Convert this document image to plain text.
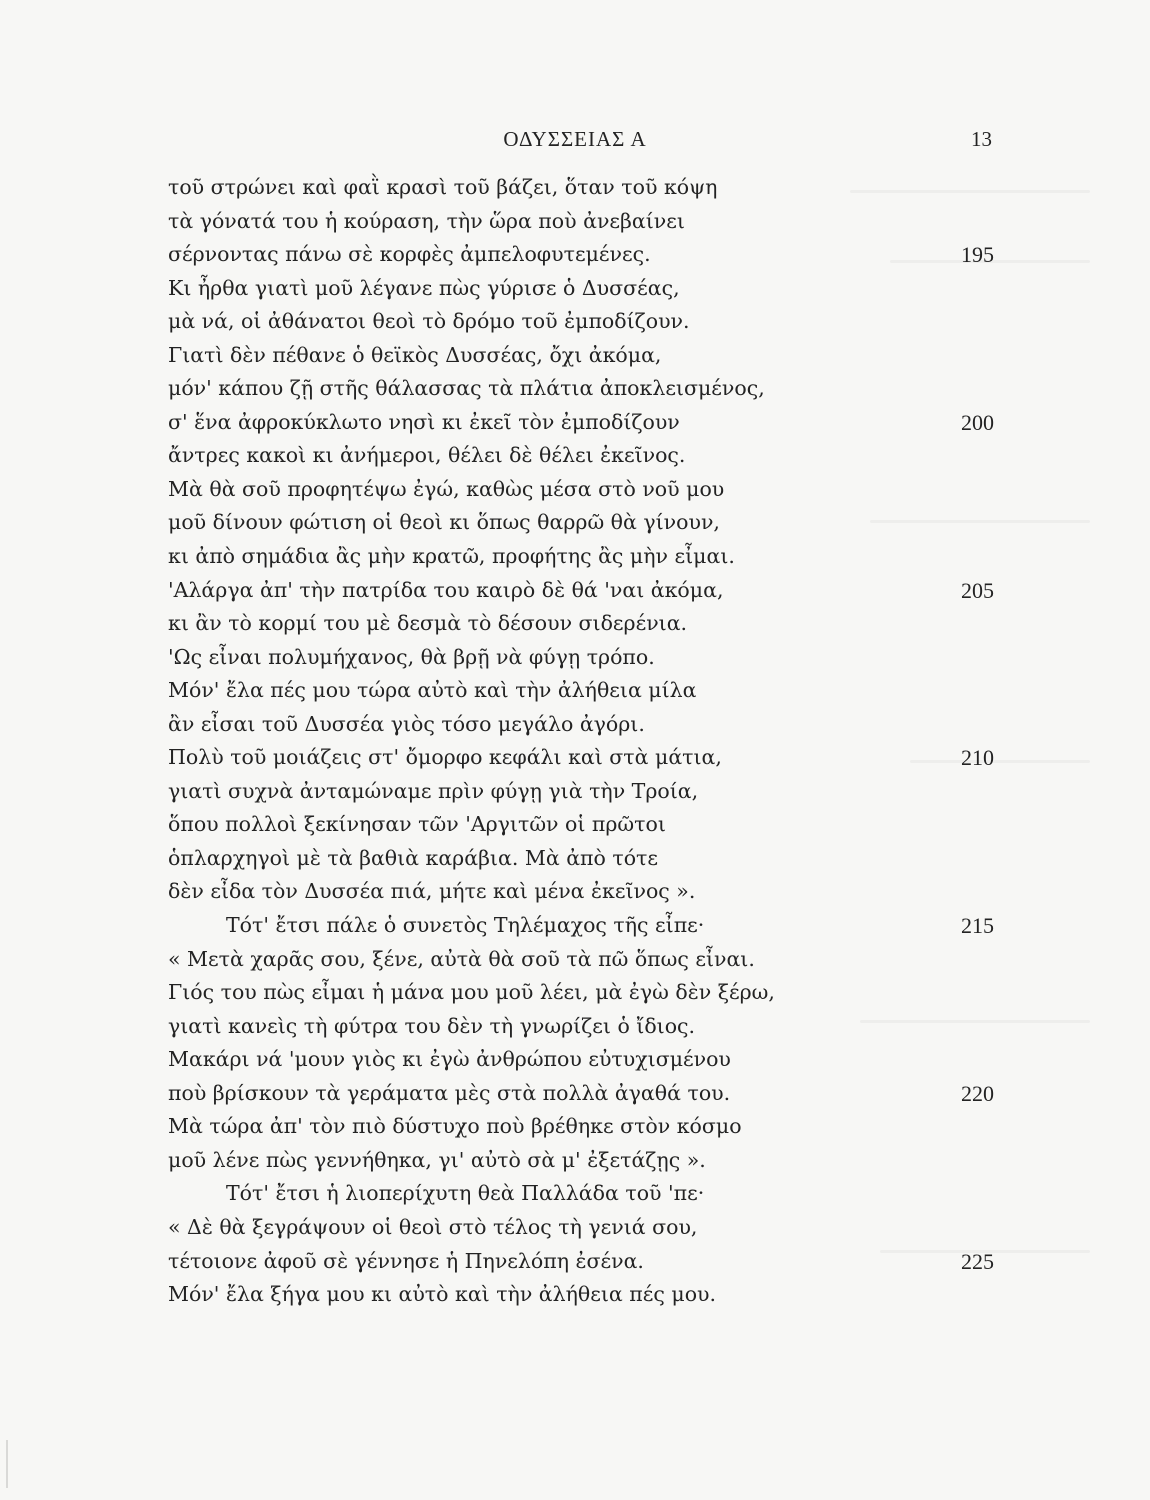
ΟΔΥΣΣΕΙΑΣ Α	13
τοῦ στρώνει καὶ φαῒ κρασὶ τοῦ βάζει, ὅταν τοῦ κόψη
τὰ γόνατά του ἡ κούραση, τὴν ὥρα ποὺ ἀνεβαίνει
σέρνοντας πάνω σὲ κορφὲς ἀμπελοφυτεμένες.	195
Κι ἦρθα γιατὶ μοῦ λέγανε πὼς γύρισε ὁ Δυσσέας,
μὰ νά, οἱ ἀθάνατοι θεοὶ τὸ δρόμο τοῦ ἐμποδίζουν.
Γιατὶ δὲν πέθανε ὁ θεϊκὸς Δυσσέας, ὄχι ἀκόμα,
μόν' κάπου ζῇ στῆς θάλασσας τὰ πλάτια ἀποκλεισμένος,
σ' ἕνα ἀφροκύκλωτο νησὶ κι ἐκεῖ τὸν ἐμποδίζουν	200
ἄντρες κακοὶ κι ἀνήμεροι, θέλει δὲ θέλει ἐκεῖνος.
Μὰ θὰ σοῦ προφητέψω ἐγώ, καθὼς μέσα στὸ νοῦ μου
μοῦ δίνουν φώτιση οἱ θεοὶ κι ὅπως θαρρῶ θὰ γίνουν,
κι ἀπὸ σημάδια ἂς μὴν κρατῶ, προφήτης ἂς μὴν εἶμαι.
'Αλάργα ἀπ' τὴν πατρίδα του καιρὸ δὲ θά 'ναι ἀκόμα,	205
κι ἂν τὸ κορμί του μὲ δεσμὰ τὸ δέσουν σιδερένια.
'Ως εἶναι πολυμήχανος, θὰ βρῇ νὰ φύγῃ τρόπο.
Μόν' ἔλα πές μου τώρα αὐτὸ καὶ τὴν ἀλήθεια μίλα
ἂν εἶσαι τοῦ Δυσσέα γιὸς τόσο μεγάλο ἀγόρι.
Πολὺ τοῦ μοιάζεις στ' ὄμορφο κεφάλι καὶ στὰ μάτια,	210
γιατὶ συχνὰ ἀνταμώναμε πρὶν φύγῃ γιὰ τὴν Τροία,
ὅπου πολλοὶ ξεκίνησαν τῶν 'Αργιτῶν οἱ πρῶτοι
ὁπλαρχηγοὶ μὲ τὰ βαθιὰ καράβια. Μὰ ἀπὸ τότε
δὲν εἶδα τὸν Δυσσέα πιά, μήτε καὶ μένα ἐκεῖνος ».
Τότ' ἔτσι πάλε ὁ συνετὸς Τηλέμαχος τῆς εἶπε·	215
« Μετὰ χαρᾶς σου, ξένε, αὐτὰ θὰ σοῦ τὰ πῶ ὅπως εἶναι.
Γιός του πὼς εἶμαι ἡ μάνα μου μοῦ λέει, μὰ ἐγὼ δὲν ξέρω,
γιατὶ κανεὶς τὴ φύτρα του δὲν τὴ γνωρίζει ὁ ἴδιος.
Μακάρι νά 'μουν γιὸς κι ἐγὼ ἀνθρώπου εὐτυχισμένου
ποὺ βρίσκουν τὰ γεράματα μὲς στὰ πολλὰ ἀγαθά του.	220
Μὰ τώρα ἀπ' τὸν πιὸ δύστυχο ποὺ βρέθηκε στὸν κόσμο
μοῦ λένε πὼς γεννήθηκα, γι' αὐτὸ σὰ μ' ἐξετάζῃς ».
Τότ' ἔτσι ἡ λιοπερίχυτη θεὰ Παλλάδα τοῦ 'πε·
« Δὲ θὰ ξεγράψουν οἱ θεοὶ στὸ τέλος τὴ γενιά σου,
τέτοιονε ἀφοῦ σὲ γέννησε ἡ Πηνελόπη ἐσένα.	225
Μόν' ἔλα ξήγα μου κι αὐτὸ καὶ τὴν ἀλήθεια πές μου.
